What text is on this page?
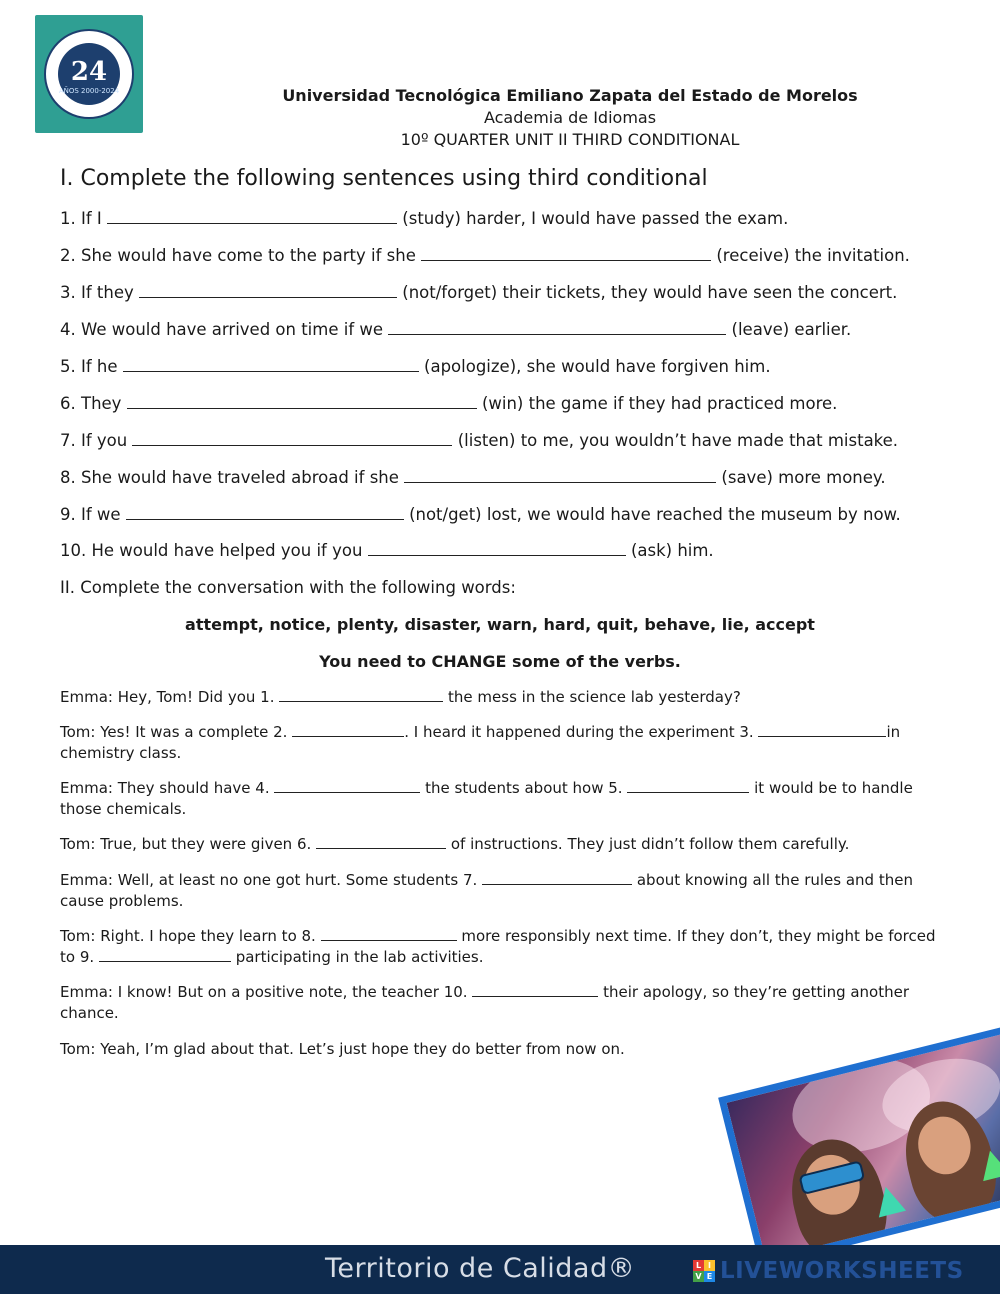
24
AÑOS 2000-2024	Universidad Tecnológica Emiliano Zapata del Estado de Morelos
Academia de Idiomas
10º QUARTER UNIT II THIRD CONDITIONAL
I. Complete the following sentences using third conditional
1. If I	(study) harder, I would have passed the exam.
2. She would have come to the party if she	(receive) the invitation.
3. If they	(not/forget) their tickets, they would have seen the concert.
4. We would have arrived on time if we	(leave) earlier.
5. If he	(apologize), she would have forgiven him.
6. They	(win) the game if they had practiced more.
7. If you	(listen) to me, you wouldn’t have made that mistake.
8. She would have traveled abroad if she	(save) more money.
9. If we	(not/get) lost, we would have reached the museum by now.
10. He would have helped you if you	(ask) him.
II. Complete the conversation with the following words:
attempt, notice, plenty, disaster, warn, hard, quit, behave, lie, accept
You need to CHANGE some of the verbs.
Emma: Hey, Tom! Did you 1.	the mess in the science lab yesterday?
Tom: Yes! It was a complete 2.	. I heard it happened during the experiment 3.	in chemistry class.
Emma: They should have 4.	the students about how 5.	it would be to handle those chemicals.
Tom: True, but they were given 6.	of instructions. They just didn’t follow them carefully.
Emma: Well, at least no one got hurt. Some students 7.	about knowing all the rules and then cause problems.
Tom: Right. I hope they learn to 8.	more responsibly next time. If they don’t, they might be forced to 9.	participating in the lab activities.
Emma: I know! But on a positive note, the teacher 10.	their apology, so they’re getting another chance.
Tom: Yeah, I’m glad about that. Let’s just hope they do better from now on.
Territorio de Calidad®	L I
V E LIVEWORKSHEETS
